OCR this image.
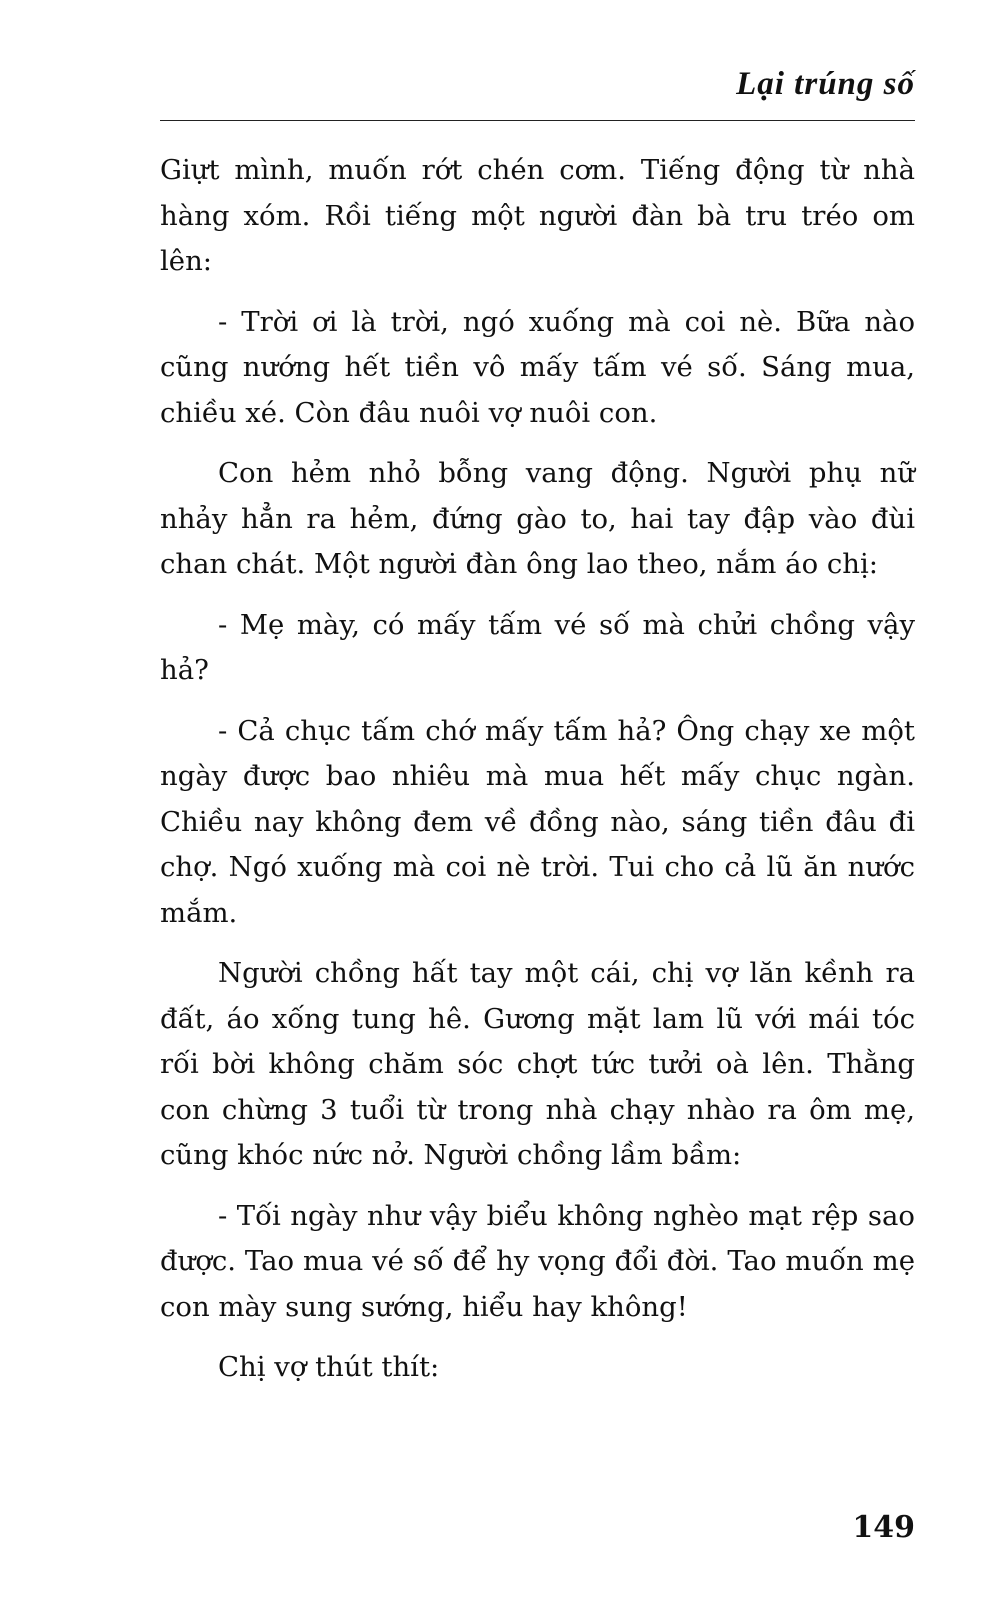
Lại trúng số

Giựt mình, muốn rớt chén cơm. Tiếng động từ nhà hàng xóm. Rồi tiếng một người đàn bà tru tréo om lên:

- Trời ơi là trời, ngó xuống mà coi nè. Bữa nào cũng nướng hết tiền vô mấy tấm vé số. Sáng mua, chiều xé. Còn đâu nuôi vợ nuôi con.

Con hẻm nhỏ bỗng vang động. Người phụ nữ nhảy hẳn ra hẻm, đứng gào to, hai tay đập vào đùi chan chát. Một người đàn ông lao theo, nắm áo chị:

- Mẹ mày, có mấy tấm vé số mà chửi chồng vậy hả?

- Cả chục tấm chớ mấy tấm hả? Ông chạy xe một ngày được bao nhiêu mà mua hết mấy chục ngàn. Chiều nay không đem về đồng nào, sáng tiền đâu đi chợ. Ngó xuống mà coi nè trời. Tui cho cả lũ ăn nước mắm.

Người chồng hất tay một cái, chị vợ lăn kềnh ra đất, áo xống tung hê. Gương mặt lam lũ với mái tóc rối bời không chăm sóc chợt tức tưởi oà lên. Thằng con chừng 3 tuổi từ trong nhà chạy nhào ra ôm mẹ, cũng khóc nức nở. Người chồng lầm bầm:

- Tối ngày như vậy biểu không nghèo mạt rệp sao được. Tao mua vé số để hy vọng đổi đời. Tao muốn mẹ con mày sung sướng, hiểu hay không!

Chị vợ thút thít:

149
